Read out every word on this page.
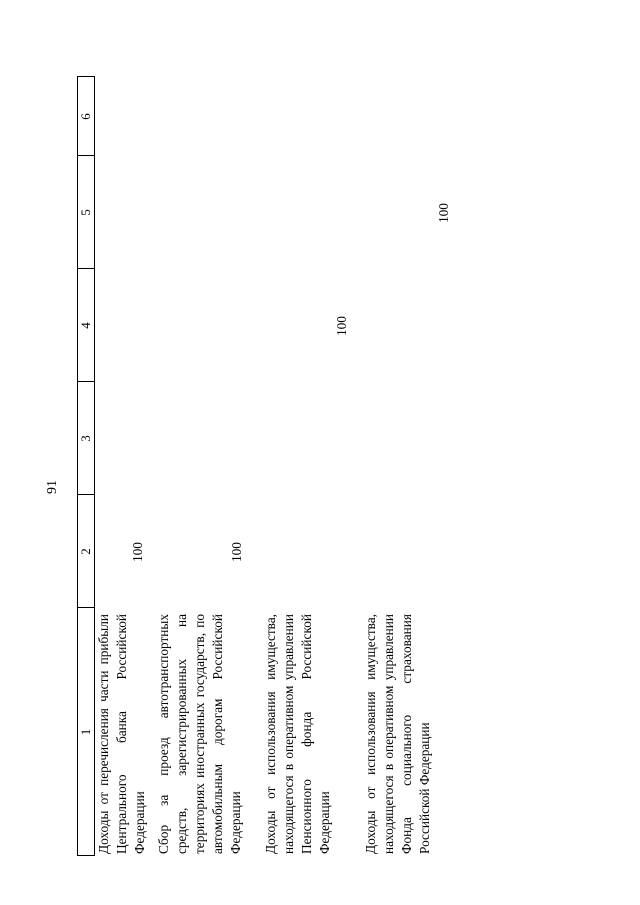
91
1
2
3
4
5
6
Доходы от перечисления части прибыли Центрального банка Российской Федерации
100
Сбор за проезд автотранспортных средств, зарегистрированных на территориях иностранных государств, по автомобильным дорогам Российской Федерации
100
Доходы от использования имущества, находящегося в оперативном управлении Пенсионного фонда Российской Федерации
100
Доходы от использования имущества, находящегося в оперативном управлении Фонда социального страхования Российской Федерации
100
